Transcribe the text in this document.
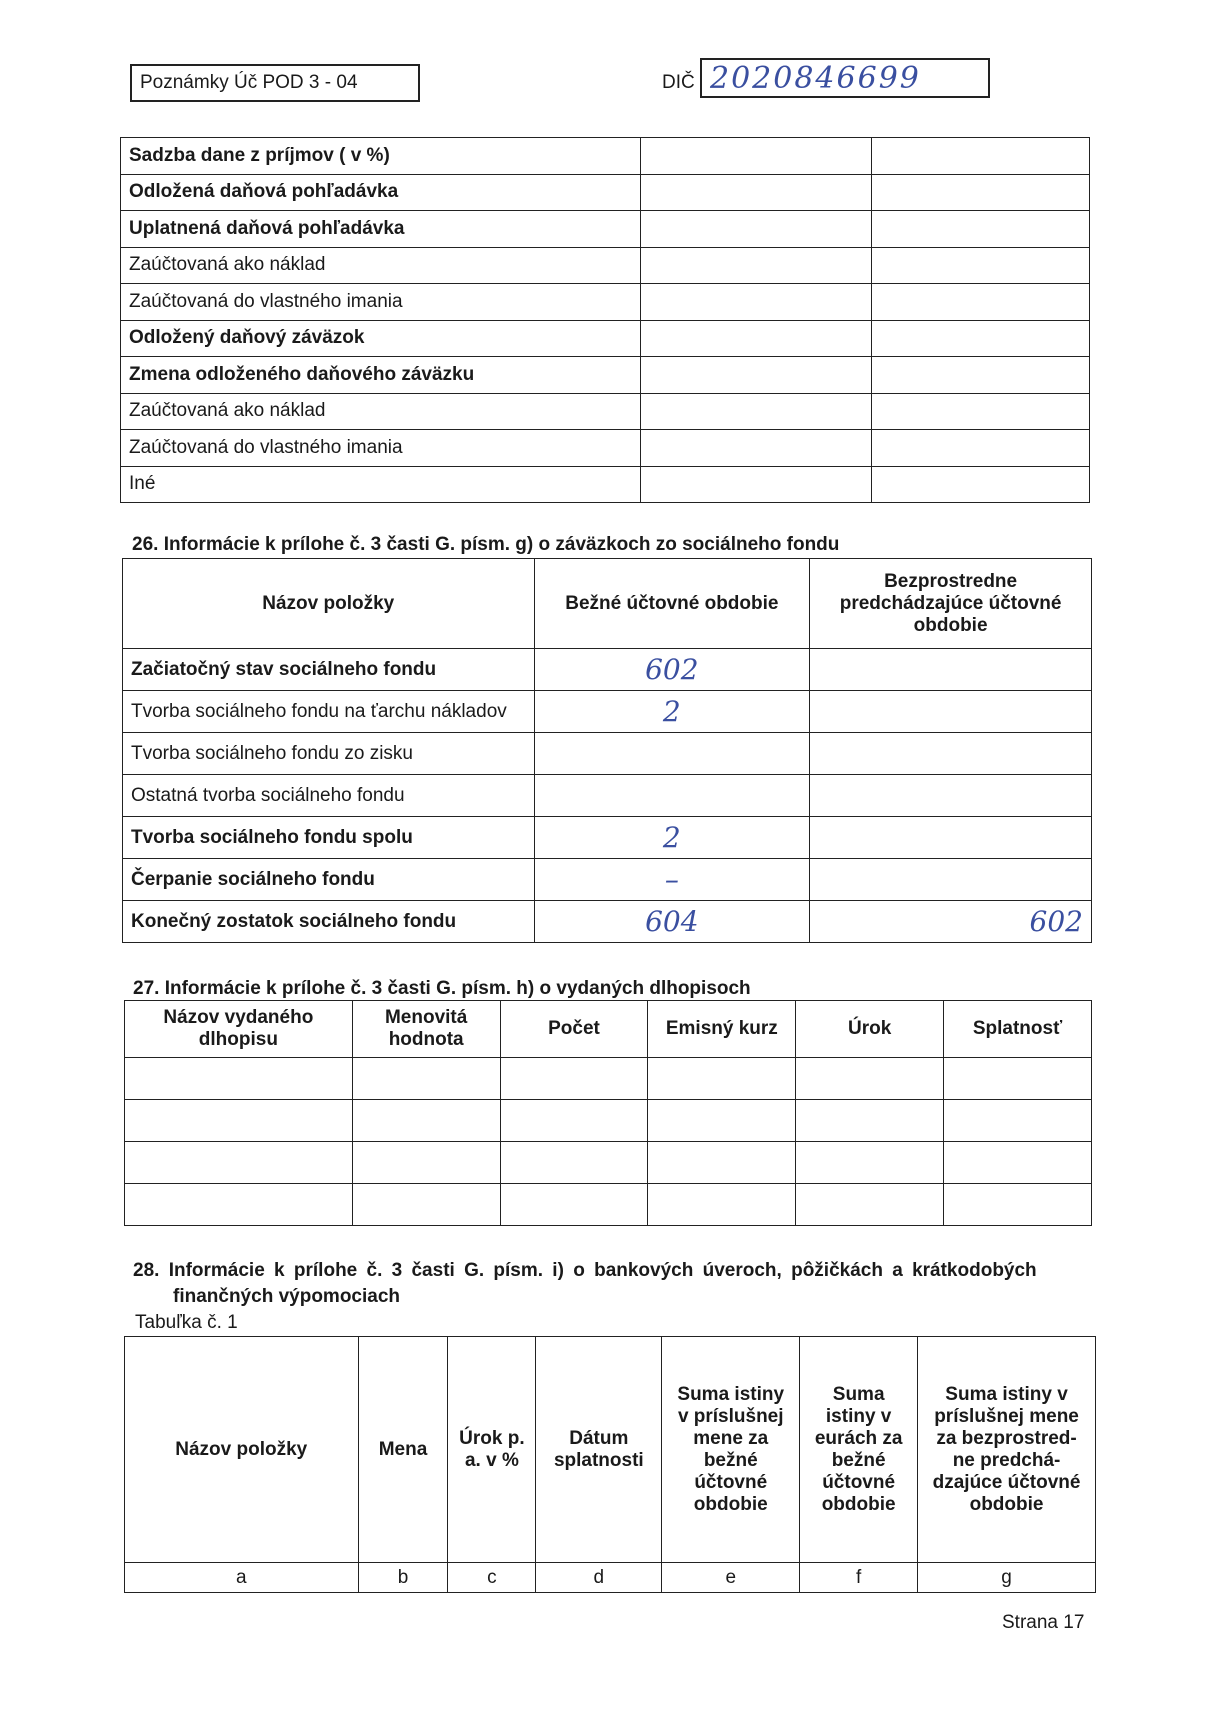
Poznámky Úč POD 3 - 04	DIČ 2020846699
Sadzba dane z príjmov ( v %)		
Odložená daňová pohľadávka		
Uplatnená daňová pohľadávka		
Zaúčtovaná ako náklad		
Zaúčtovaná do vlastného imania		
Odložený daňový záväzok		
Zmena odloženého daňového záväzku		
Zaúčtovaná ako náklad		
Zaúčtovaná do vlastného imania		
Iné		
26. Informácie k prílohe č. 3 časti G. písm. g) o záväzkoch zo sociálneho fondu
Názov položky	Bežné účtovné obdobie	Bezprostredne predchádzajúce účtovné obdobie
Začiatočný stav sociálneho fondu	602	
Tvorba sociálneho fondu na ťarchu nákladov	2	
Tvorba sociálneho fondu zo zisku		
Ostatná tvorba sociálneho fondu		
Tvorba sociálneho fondu spolu	2	
Čerpanie sociálneho fondu	–	
Konečný zostatok sociálneho fondu	604	602
27. Informácie k prílohe č. 3 časti G. písm. h) o vydaných dlhopisoch
Názov vydaného dlhopisu	Menovitá hodnota	Počet	Emisný kurz	Úrok	Splatnosť

28. Informácie k prílohe č. 3 časti G. písm. i) o bankových úveroch, pôžičkách a krátkodobých
finančných výpomociach
Tabuľka č. 1
Názov položky	Mena	Úrok p. a. v %	Dátum splatnosti	Suma istiny v príslušnej mene za bežné účtovné obdobie	Suma istiny v eurách za bežné účtovné obdobie	Suma istiny v príslušnej mene za bezprostred-ne predchá-dzajúce účtovné obdobie
a	b	c	d	e	f	g
Strana 17
